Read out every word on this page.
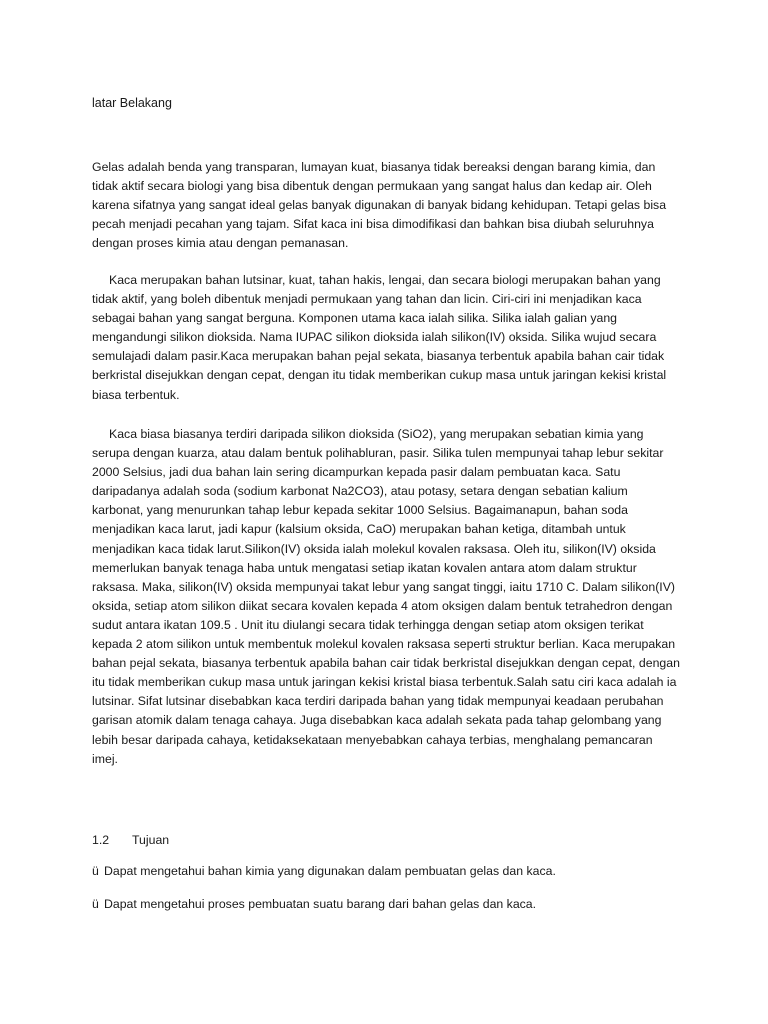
latar Belakang

Gelas adalah benda yang transparan, lumayan kuat, biasanya tidak bereaksi dengan barang kimia, dan tidak aktif secara biologi yang bisa dibentuk dengan permukaan yang sangat halus dan kedap air. Oleh karena sifatnya yang sangat ideal gelas banyak digunakan di banyak bidang kehidupan. Tetapi gelas bisa pecah menjadi pecahan yang tajam. Sifat kaca ini bisa dimodifikasi dan bahkan bisa diubah seluruhnya dengan proses kimia atau dengan pemanasan.

Kaca merupakan bahan lutsinar, kuat, tahan hakis, lengai, dan secara biologi merupakan bahan yang tidak aktif, yang boleh dibentuk menjadi permukaan yang tahan dan licin. Ciri-ciri ini menjadikan kaca sebagai bahan yang sangat berguna. Komponen utama kaca ialah silika. Silika ialah galian yang mengandungi silikon dioksida. Nama IUPAC silikon dioksida ialah silikon(IV) oksida. Silika wujud secara semulajadi dalam pasir.Kaca merupakan bahan pejal sekata, biasanya terbentuk apabila bahan cair tidak berkristal disejukkan dengan cepat, dengan itu tidak memberikan cukup masa untuk jaringan kekisi kristal biasa terbentuk.

Kaca biasa biasanya terdiri daripada silikon dioksida (SiO2), yang merupakan sebatian kimia yang serupa dengan kuarza, atau dalam bentuk polihabluran, pasir. Silika tulen mempunyai tahap lebur sekitar 2000 Selsius, jadi dua bahan lain sering dicampurkan kepada pasir dalam pembuatan kaca. Satu daripadanya adalah soda (sodium karbonat Na2CO3), atau potasy, setara dengan sebatian kalium karbonat, yang menurunkan tahap lebur kepada sekitar 1000 Selsius. Bagaimanapun, bahan soda menjadikan kaca larut, jadi kapur (kalsium oksida, CaO) merupakan bahan ketiga, ditambah untuk menjadikan kaca tidak larut.Silikon(IV) oksida ialah molekul kovalen raksasa. Oleh itu, silikon(IV) oksida memerlukan banyak tenaga haba untuk mengatasi setiap ikatan kovalen antara atom dalam struktur raksasa. Maka, silikon(IV) oksida mempunyai takat lebur yang sangat tinggi, iaitu 1710 C. Dalam silikon(IV) oksida, setiap atom silikon diikat secara kovalen kepada 4 atom oksigen dalam bentuk tetrahedron dengan sudut antara ikatan 109.5 . Unit itu diulangi secara tidak terhingga dengan setiap atom oksigen terikat kepada 2 atom silikon untuk membentuk molekul kovalen raksasa seperti struktur berlian. Kaca merupakan bahan pejal sekata, biasanya terbentuk apabila bahan cair tidak berkristal disejukkan dengan cepat, dengan itu tidak memberikan cukup masa untuk jaringan kekisi kristal biasa terbentuk.Salah satu ciri kaca adalah ia lutsinar. Sifat lutsinar disebabkan kaca terdiri daripada bahan yang tidak mempunyai keadaan perubahan garisan atomik dalam tenaga cahaya. Juga disebabkan kaca adalah sekata pada tahap gelombang yang lebih besar daripada cahaya, ketidaksekataan menyebabkan cahaya terbias, menghalang pemancaran imej.

1.2 Tujuan
ü Dapat mengetahui bahan kimia yang digunakan dalam pembuatan gelas dan kaca.
ü Dapat mengetahui proses pembuatan suatu barang dari bahan gelas dan kaca.
